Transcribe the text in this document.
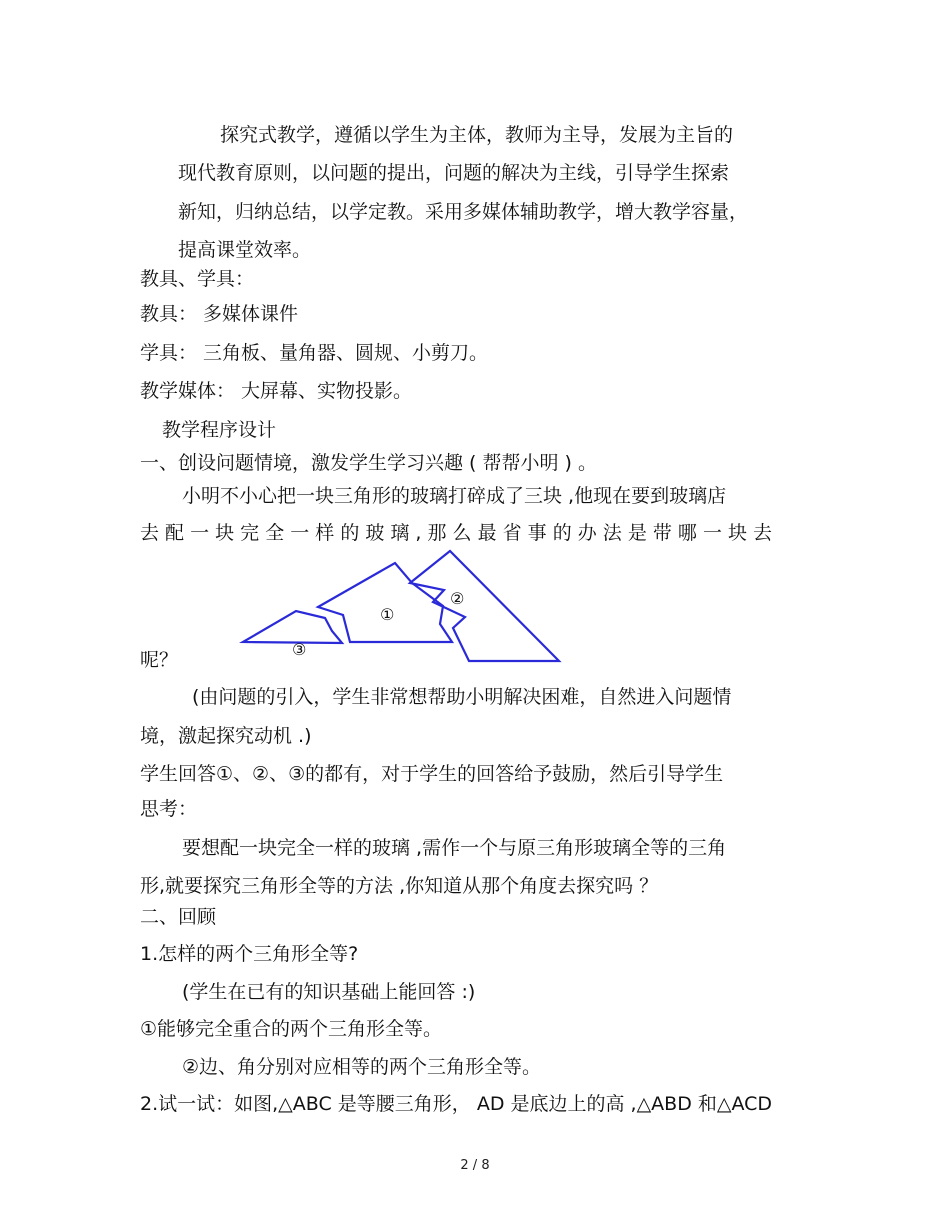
探究式教学，遵循以学生为主体，教师为主导，发展为主旨的

现代教育原则，以问题的提出，问题的解决为主线，引导学生探索

新知，归纳总结，以学定教。采用多媒体辅助教学，增大教学容量，

提高课堂效率。

教具、学具：

教具： 多媒体课件

学具： 三角板、量角器、圆规、小剪刀。

教学媒体： 大屏幕、实物投影。

教学程序设计

一、创设问题情境，激发学生学习兴趣 ( 帮帮小明 ) 。

小明不小心把一块三角形的玻璃打碎成了三块 ,他现在要到玻璃店

去 配 一 块 完 全 一 样 的 玻 璃 , 那 么 最 省 事 的 办 法 是 带 哪 一 块 去

①
②
③

呢？

(由问题的引入，学生非常想帮助小明解决困难，自然进入问题情

境，激起探究动机 .)

学生回答①、②、③的都有，对于学生的回答给予鼓励，然后引导学生

思考：

要想配一块完全一样的玻璃 ,需作一个与原三角形玻璃全等的三角

形,就要探究三角形全等的方法 ,你知道从那个角度去探究吗 ？

二、回顾

1.怎样的两个三角形全等?

(学生在已有的知识基础上能回答 :)

①能够完全重合的两个三角形全等。

②边、角分别对应相等的两个三角形全等。

2.试一试：如图,△ABC 是等腰三角形， AD 是底边上的高 ,△ABD 和△ACD

2 / 8
